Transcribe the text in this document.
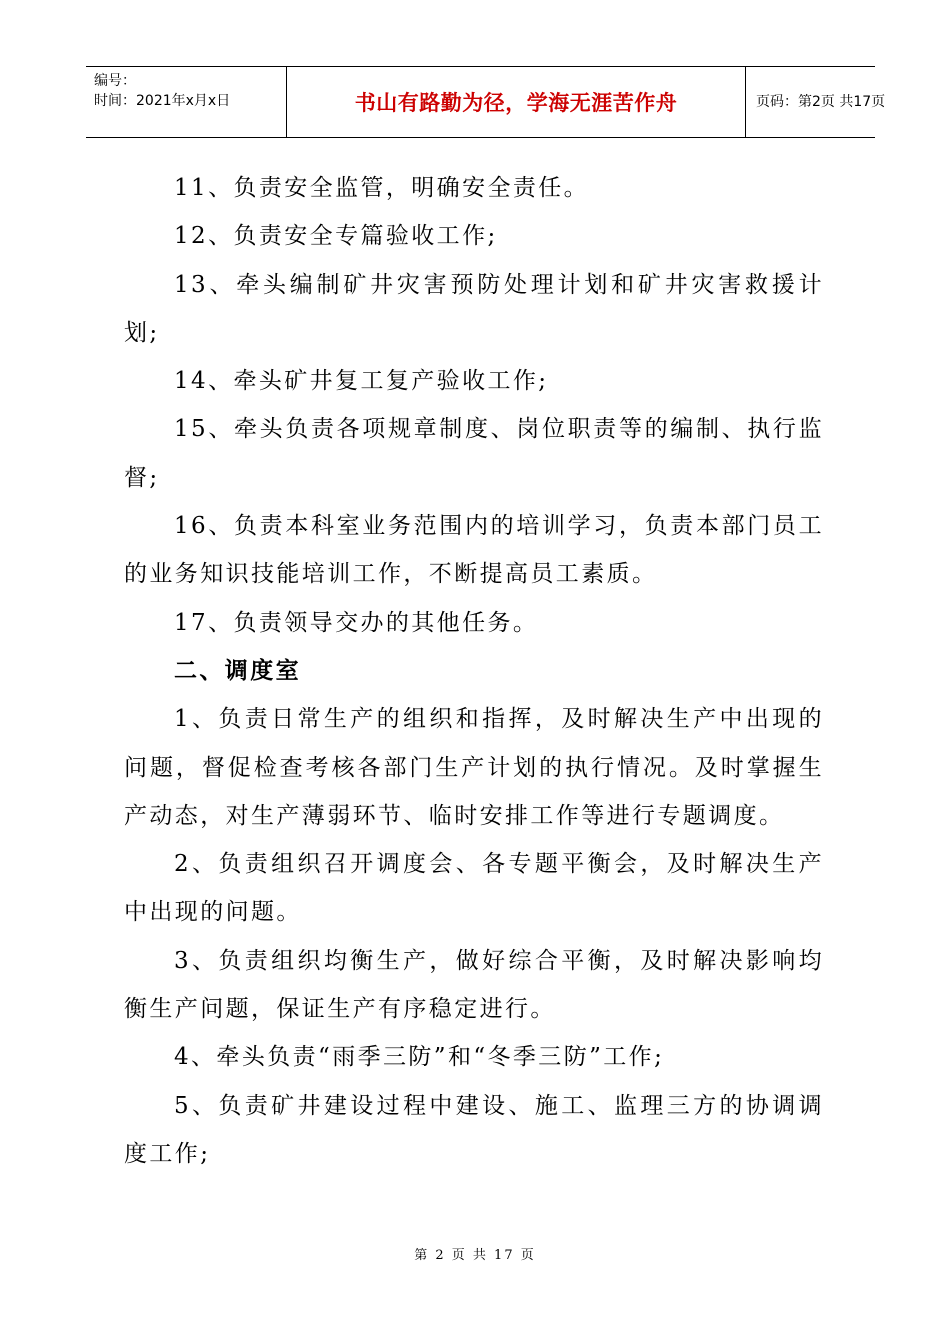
编号：
时间：2021年x月x日	书山有路勤为径，学海无涯苦作舟	页码：第2页 共17页

11、负责安全监管，明确安全责任。

12、负责安全专篇验收工作;

13、牵头编制矿井灾害预防处理计划和矿井灾害救援计划;

14、牵头矿井复工复产验收工作;

15、牵头负责各项规章制度、岗位职责等的编制、执行监督;

16、负责本科室业务范围内的培训学习，负责本部门员工的业务知识技能培训工作，不断提高员工素质。

17、负责领导交办的其他任务。

二、调度室

1、负责日常生产的组织和指挥，及时解决生产中出现的问题，督促检查考核各部门生产计划的执行情况。及时掌握生产动态，对生产薄弱环节、临时安排工作等进行专题调度。

2、负责组织召开调度会、各专题平衡会，及时解决生产中出现的问题。

3、负责组织均衡生产，做好综合平衡，及时解决影响均衡生产问题，保证生产有序稳定进行。

4、牵头负责“雨季三防”和“冬季三防”工作;

5、负责矿井建设过程中建设、施工、监理三方的协调调度工作;

第 2 页 共 17 页
